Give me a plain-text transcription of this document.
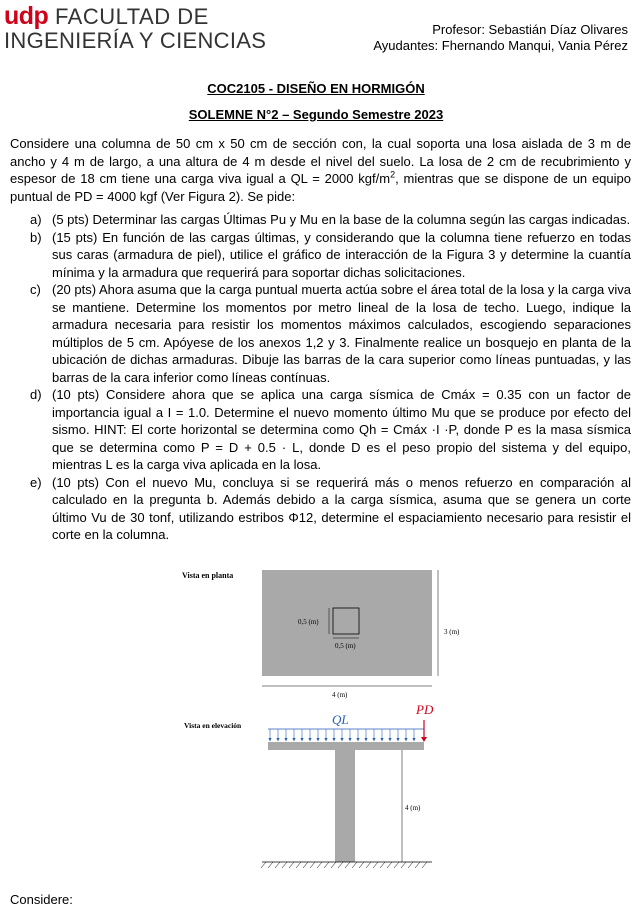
udp FACULTAD DE
INGENIERÍA Y CIENCIAS	Profesor: Sebastián Díaz Olivares
Ayudantes: Fhernando Manqui, Vania Pérez
COC2105 - DISEÑO EN HORMIGÓN
SOLEMNE N°2 – Segundo Semestre 2023
Considere una columna de 50 cm x 50 cm de sección con, la cual soporta una losa aislada de 3 m de ancho y 4 m de largo, a una altura de 4 m desde el nivel del suelo. La losa de 2 cm de recubrimiento y espesor de 18 cm tiene una carga viva igual a QL = 2000 kgf/$m^2$, mientras que se dispone de un equipo puntual de PD = 4000 kgf (Ver Figura 2). Se pide:
a) (5 pts) Determinar las cargas Últimas Pu y Mu en la base de la columna según las cargas indicadas.
b) (15 pts) En función de las cargas últimas, y considerando que la columna tiene refuerzo en todas sus caras (armadura de piel), utilice el gráfico de interacción de la Figura 3 y determine la cuantía mínima y la armadura que requerirá para soportar dichas solicitaciones.
c) (20 pts) Ahora asuma que la carga puntual muerta actúa sobre el área total de la losa y la carga viva se mantiene. Determine los momentos por metro lineal de la losa de techo. Luego, indique la armadura necesaria para resistir los momentos máximos calculados, escogiendo separaciones múltiplos de 5 cm. Apóyese de los anexos 1,2 y 3. Finalmente realice un bosquejo en planta de la ubicación de dichas armaduras. Dibuje las barras de la cara superior como líneas puntuadas, y las barras de la cara inferior como líneas contínuas.
d) (10 pts) Considere ahora que se aplica una carga sísmica de Cmáx = 0.35 con un factor de importancia igual a I = 1.0. Determine el nuevo momento último Mu que se produce por efecto del sismo. HINT: El corte horizontal se determina como Qh = Cmáx ·I ·P, donde P es la masa sísmica que se determina como P = D + 0.5 · L, donde D es el peso propio del sistema y del equipo, mientras L es la carga viva aplicada en la losa.
e) (10 pts) Con el nuevo Mu, concluya si se requerirá más o menos refuerzo en comparación al calculado en la pregunta b. Además debido a la carga sísmica, asuma que se genera un corte último Vu de 30 tonf, utilizando estribos Φ12, determine el espaciamiento necesario para resistir el corte en la columna.
Vista en planta
0,5 (m)
0,5 (m)
3 (m)
4 (m)
Vista en elevación	QL
PD
4 (m)
Considere:
